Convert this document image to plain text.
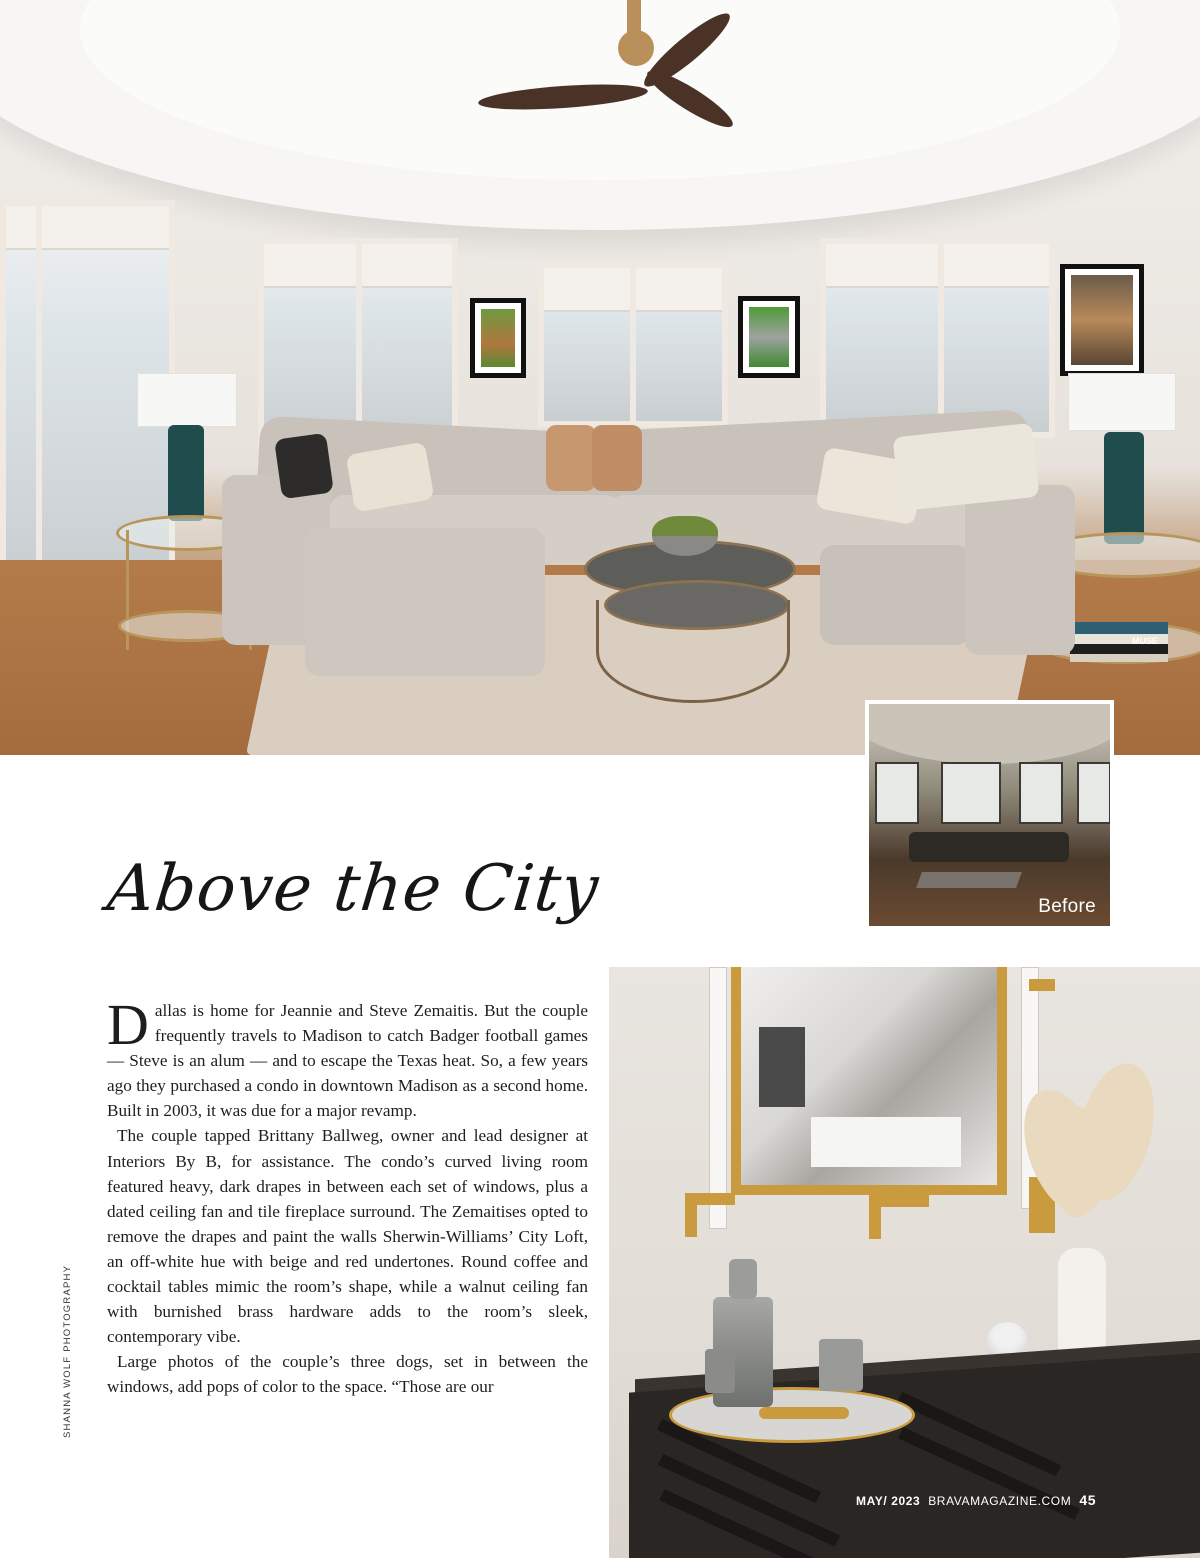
MUSE
Before
Above the City

Dallas is home for Jeannie and Steve Zemaitis. But the couple frequently travels to Madison to catch Badger football games — Steve is an alum — and to escape the Texas heat. So, a few years ago they purchased a condo in downtown Madison as a second home. Built in 2003, it was due for a major revamp.

The couple tapped Brittany Ballweg, owner and lead designer at Interiors By B, for assistance. The condo’s curved living room featured heavy, dark drapes in between each set of windows, plus a dated ceiling fan and tile fireplace surround. The Zemaitises opted to remove the drapes and paint the walls Sherwin-Williams’ City Loft, an off-white hue with beige and red undertones. Round coffee and cocktail tables mimic the room’s shape, while a walnut ceiling fan with burnished brass hardware adds to the room’s sleek, contemporary vibe.

Large photos of the couple’s three dogs, set in between the windows, add pops of color to the space. “Those are our

SHANNA WOLF PHOTOGRAPHY
MAY/ 2023 BRAVAMAGAZINE.COM 45
